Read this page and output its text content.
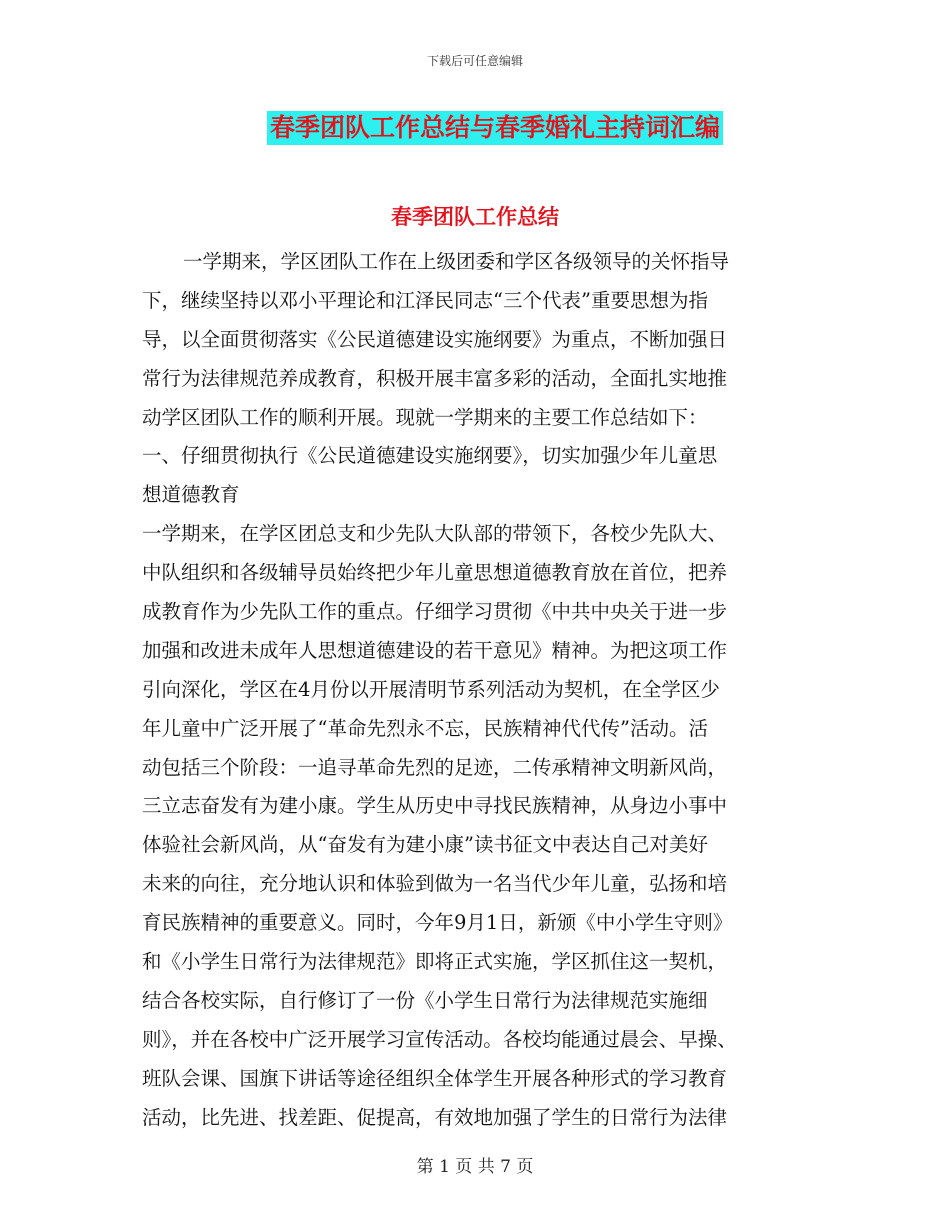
下载后可任意编辑
春季团队工作总结与春季婚礼主持词汇编
春季团队工作总结
一学期来，学区团队工作在上级团委和学区各级领导的关怀指导
下，继续坚持以邓小平理论和江泽民同志“三个代表”重要思想为指
导，以全面贯彻落实《公民道德建设实施纲要》为重点，不断加强日
常行为法律规范养成教育，积极开展丰富多彩的活动，全面扎实地推
动学区团队工作的顺利开展。现就一学期来的主要工作总结如下：
一、仔细贯彻执行《公民道德建设实施纲要》，切实加强少年儿童思
想道德教育
一学期来，在学区团总支和少先队大队部的带领下，各校少先队大、
中队组织和各级辅导员始终把少年儿童思想道德教育放在首位，把养
成教育作为少先队工作的重点。仔细学习贯彻《中共中央关于进一步
加强和改进未成年人思想道德建设的若干意见》精神。为把这项工作
引向深化，学区在4月份以开展清明节系列活动为契机，在全学区少
年儿童中广泛开展了“革命先烈永不忘，民族精神代代传”活动。活
动包括三个阶段：一追寻革命先烈的足迹，二传承精神文明新风尚，
三立志奋发有为建小康。学生从历史中寻找民族精神，从身边小事中
体验社会新风尚，从“奋发有为建小康”读书征文中表达自己对美好
未来的向往，充分地认识和体验到做为一名当代少年儿童，弘扬和培
育民族精神的重要意义。同时，今年9月1日，新颁《中小学生守则》
和《小学生日常行为法律规范》即将正式实施，学区抓住这一契机，
结合各校实际，自行修订了一份《小学生日常行为法律规范实施细
则》，并在各校中广泛开展学习宣传活动。各校均能通过晨会、早操、
班队会课、国旗下讲话等途径组织全体学生开展各种形式的学习教育
活动，比先进、找差距、促提高，有效地加强了学生的日常行为法律
第 1 页 共 7 页
